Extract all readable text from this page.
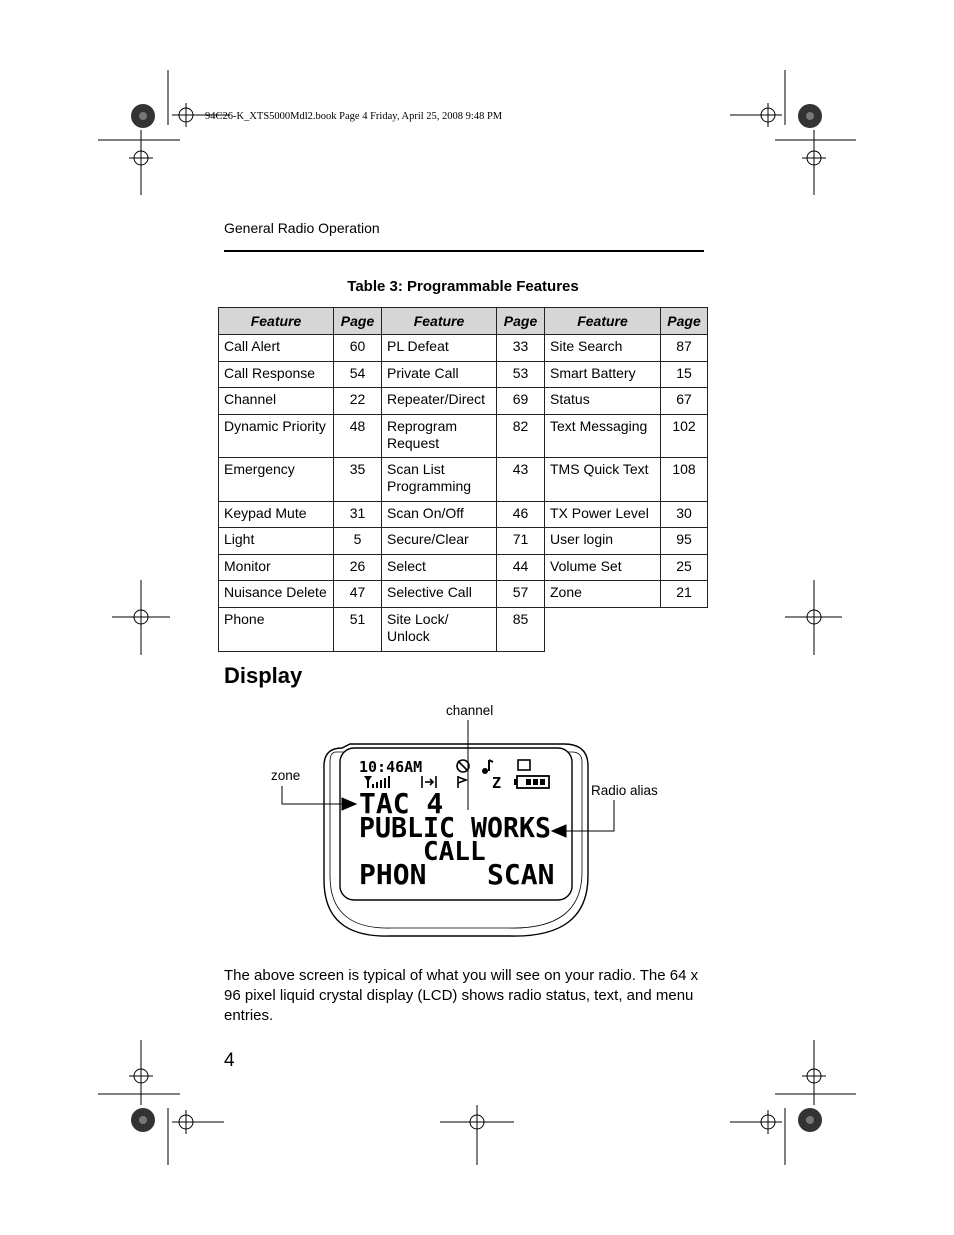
94C26-K_XTS5000Mdl2.book Page 4 Friday, April 25, 2008 9:48 PM
General Radio Operation
Table 3: Programmable Features
Feature	Page	Feature	Page	Feature	Page
Call Alert	60	PL Defeat	33	Site Search	87
Call Response	54	Private Call	53	Smart Battery	15
Channel	22	Repeater/Direct	69	Status	67
Dynamic Priority	48	Reprogram Request	82	Text Messaging	102
Emergency	35	Scan List Programming	43	TMS Quick Text	108
Keypad Mute	31	Scan On/Off	46	TX Power Level	30
Light	5	Secure/Clear	71	User login	95
Monitor	26	Select	44	Volume Set	25
Nuisance Delete	47	Selective Call	57	Zone	21
Phone	51	Site Lock/ Unlock	85		
Display
channel
zone
Radio alias
10:46AM
Z
TAC 4
PUBLIC WORKS
CALL
PHON SCAN
The above screen is typical of what you will see on your radio. The 64 x 96 pixel liquid crystal display (LCD) shows radio status, text, and menu entries.
4
